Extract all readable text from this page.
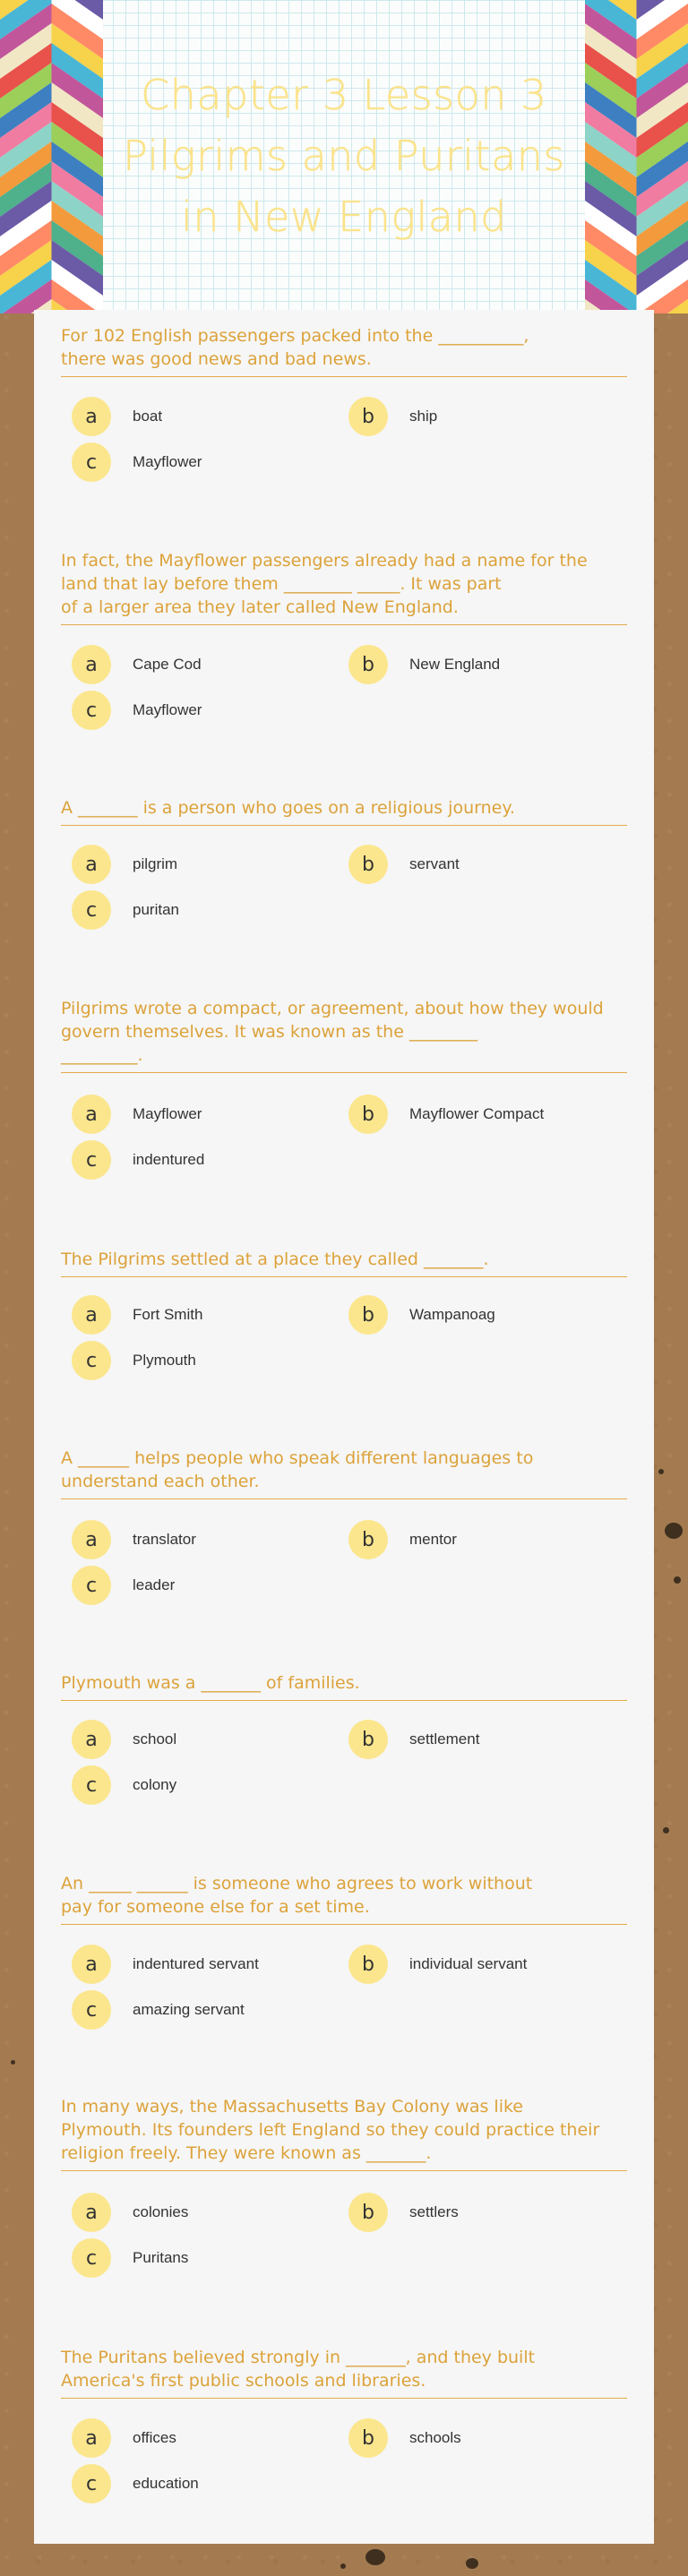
Chapter 3 Lesson 3
Pilgrims and Puritans
in New England

For 102 English passengers packed into the __________,
there was good news and bad news.

a	boat	b	ship
c	Mayflower

In fact, the Mayflower passengers already had a name for the
land that lay before them ________ _____. It was part
of a larger area they later called New England.

a	Cape Cod	b	New England
c	Mayflower

A _______ is a person who goes on a religious journey.

a	pilgrim	b	servant
c	puritan

Pilgrims wrote a compact, or agreement, about how they would
govern themselves. It was known as the ________
_________.

a	Mayflower	b	Mayflower Compact
c	indentured

The Pilgrims settled at a place they called _______.

a	Fort Smith	b	Wampanoag
c	Plymouth

A ______ helps people who speak different languages to
understand each other.

a	translator	b	mentor
c	leader

Plymouth was a _______ of families.

a	school	b	settlement
c	colony

An _____ ______ is someone who agrees to work without
pay for someone else for a set time.

a	indentured servant	b	individual servant
c	amazing servant

In many ways, the Massachusetts Bay Colony was like
Plymouth. Its founders left England so they could practice their
religion freely. They were known as _______.

a	colonies	b	settlers
c	Puritans

The Puritans believed strongly in _______, and they built
America's first public schools and libraries.

a	offices	b	schools
c	education
